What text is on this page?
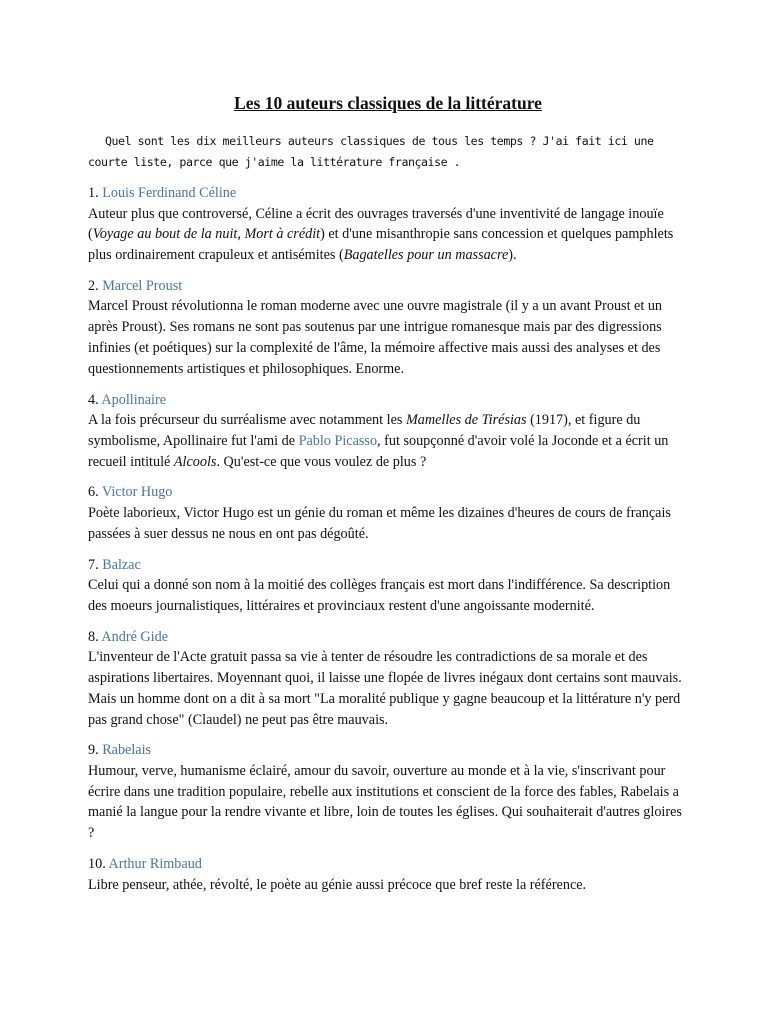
Les 10 auteurs classiques de la littérature

Quel sont les dix meilleurs auteurs classiques de tous les temps ? J'ai fait ici une courte liste, parce que j'aime la littérature française .

1. Louis Ferdinand Céline

Auteur plus que controversé, Céline a écrit des ouvrages traversés d'une inventivité de langage inouïe (Voyage au bout de la nuit, Mort à crédit) et d'une misanthropie sans concession et quelques pamphlets plus ordinairement crapuleux et antisémites (Bagatelles pour un massacre).

2. Marcel Proust

Marcel Proust révolutionna le roman moderne avec une ouvre magistrale (il y a un avant Proust et un après Proust). Ses romans ne sont pas soutenus par une intrigue romanesque mais par des digressions infinies (et poétiques) sur la complexité de l'âme, la mémoire affective mais aussi des analyses et des questionnements artistiques et philosophiques. Enorme.

4. Apollinaire

A la fois précurseur du surréalisme avec notamment les Mamelles de Tirésias (1917), et figure du symbolisme, Apollinaire fut l'ami de Pablo Picasso, fut soupçonné d'avoir volé la Joconde et a écrit un recueil intitulé Alcools. Qu'est-ce que vous voulez de plus ?

6. Victor Hugo

Poète laborieux, Victor Hugo est un génie du roman et même les dizaines d'heures de cours de français passées à suer dessus ne nous en ont pas dégoûté.

7. Balzac

Celui qui a donné son nom à la moitié des collèges français est mort dans l'indifférence. Sa description des moeurs journalistiques, littéraires et provinciaux restent d'une angoissante modernité.

8. André Gide

L'inventeur de l'Acte gratuit passa sa vie à tenter de résoudre les contradictions de sa morale et des aspirations libertaires. Moyennant quoi, il laisse une flopée de livres inégaux dont certains sont mauvais. Mais un homme dont on a dit à sa mort "La moralité publique y gagne beaucoup et la littérature n'y perd pas grand chose" (Claudel) ne peut pas être mauvais.

9. Rabelais

Humour, verve, humanisme éclairé, amour du savoir, ouverture au monde et à la vie, s'inscrivant pour écrire dans une tradition populaire, rebelle aux institutions et conscient de la force des fables, Rabelais a manié la langue pour la rendre vivante et libre, loin de toutes les églises. Qui souhaiterait d'autres gloires ?

10. Arthur Rimbaud

Libre penseur, athée, révolté, le poète au génie aussi précoce que bref reste la référence.
